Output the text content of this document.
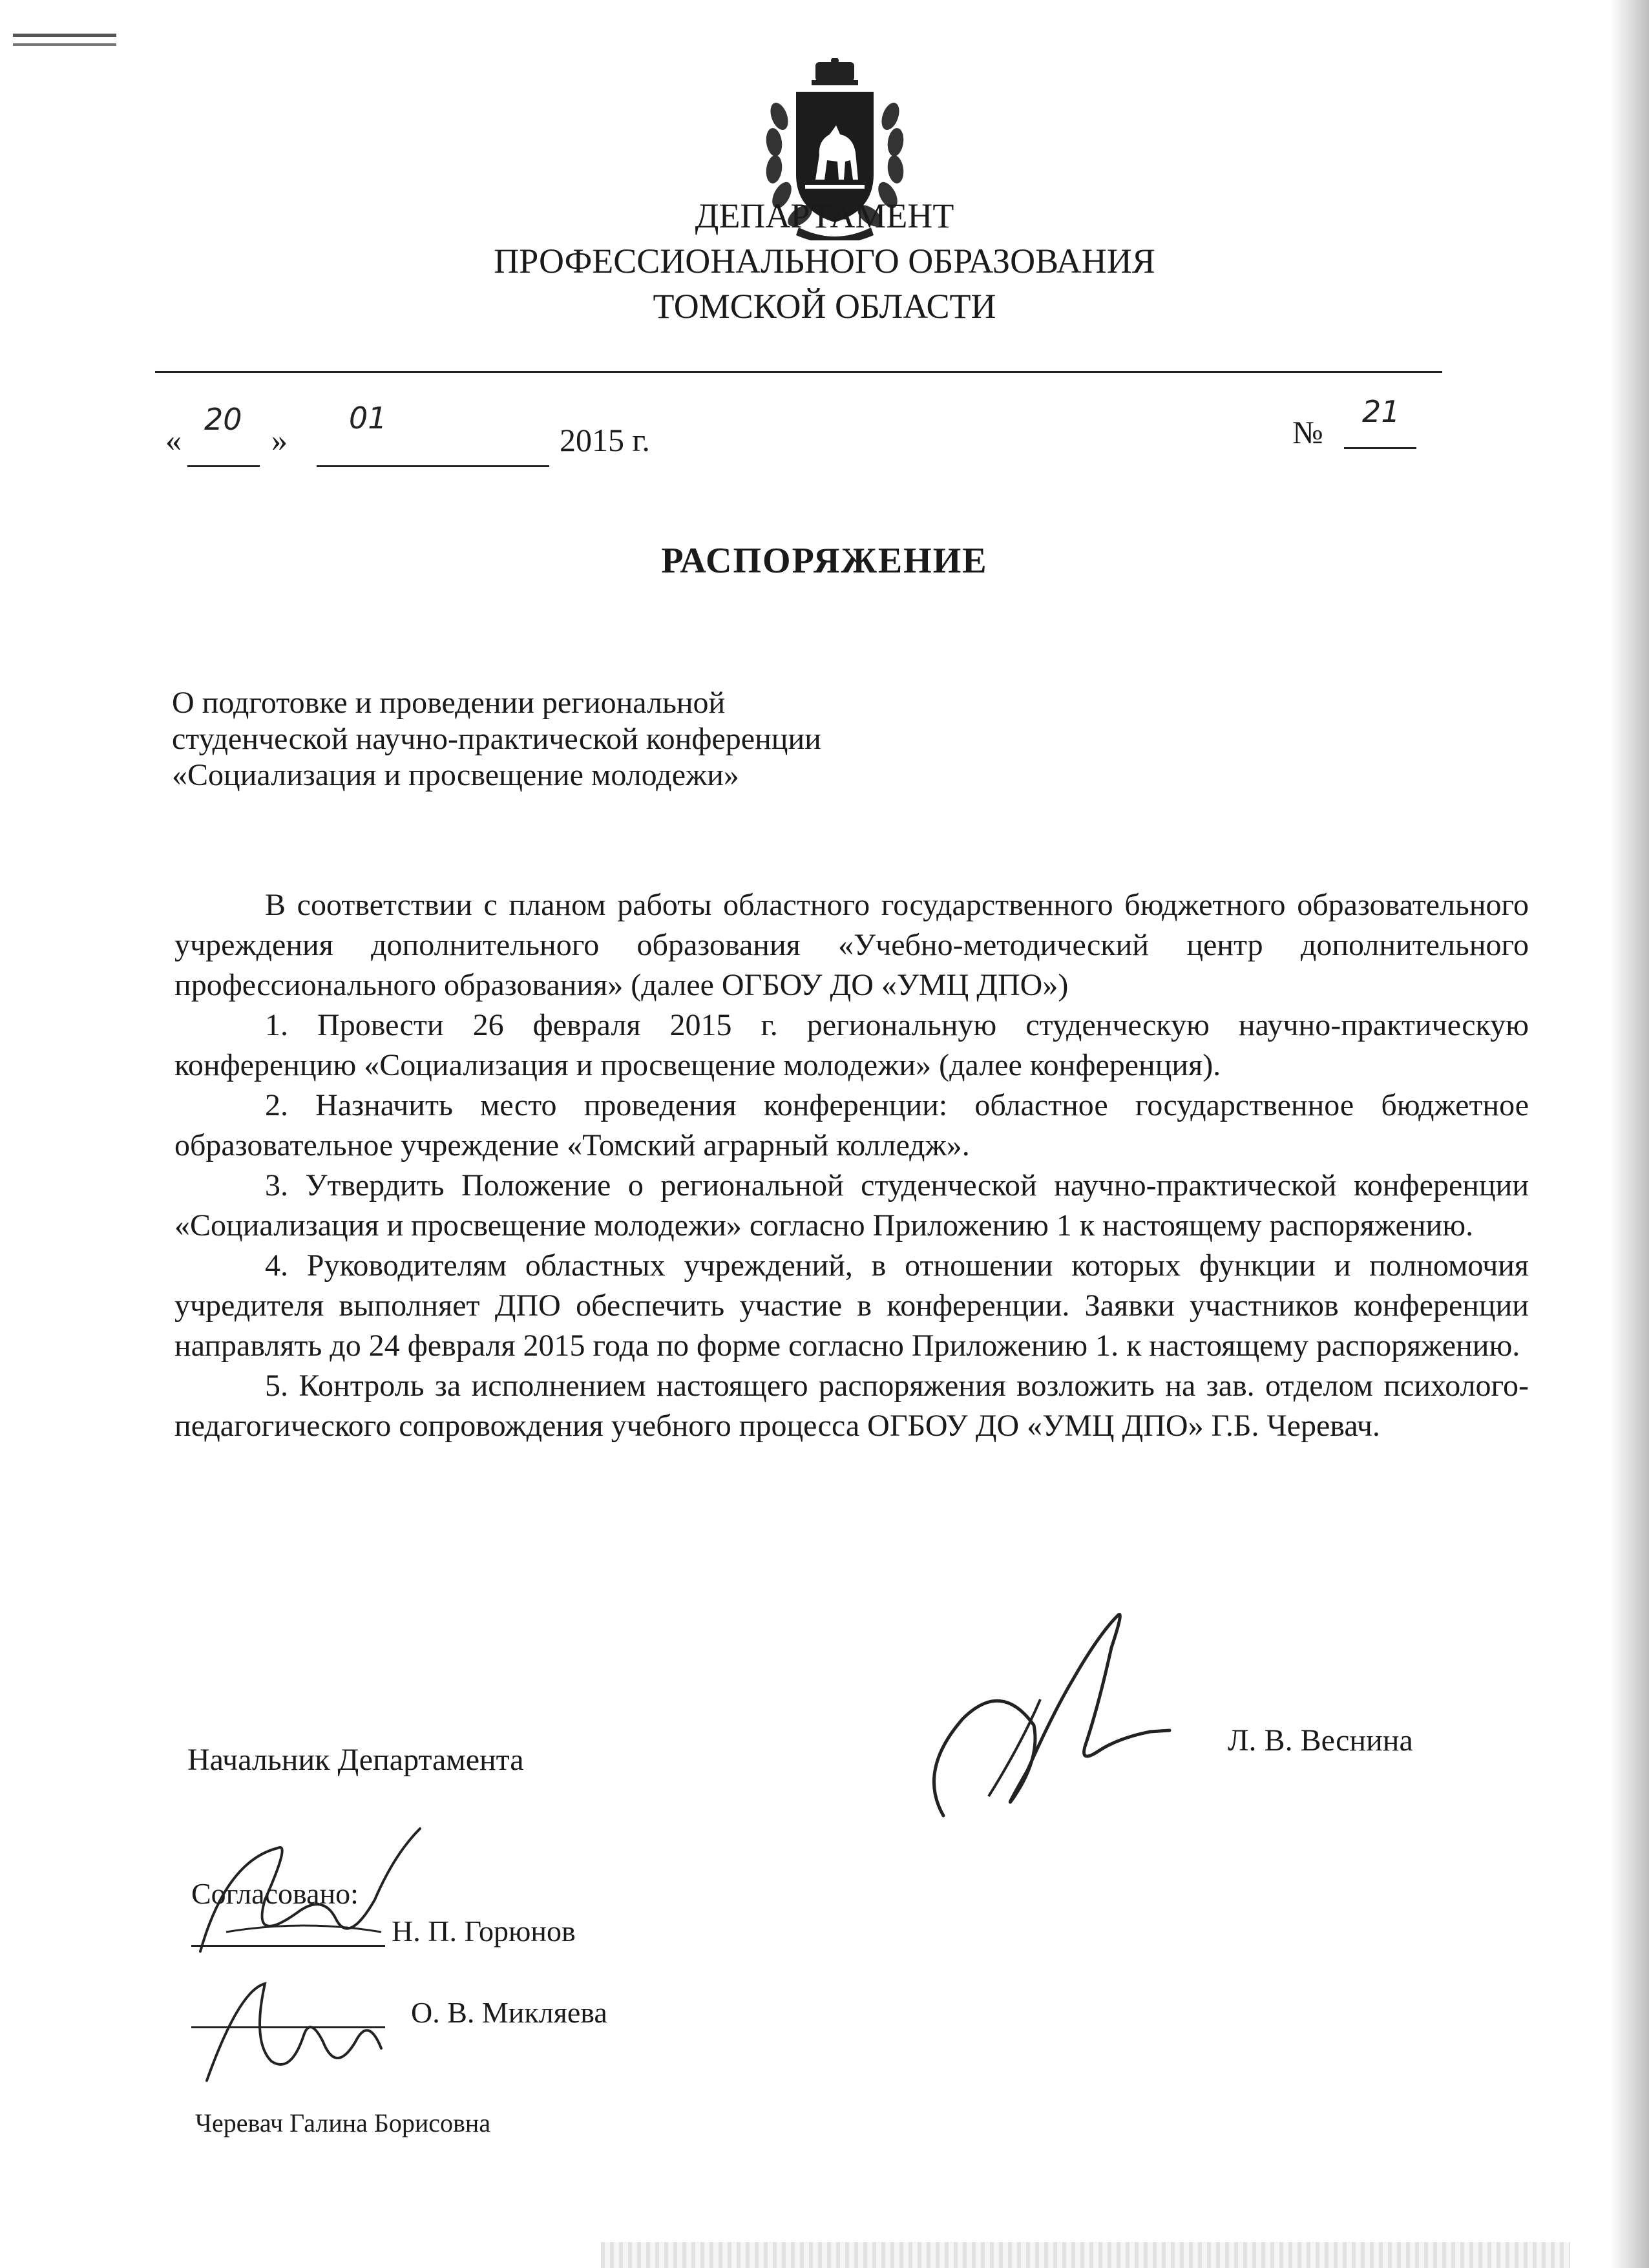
ДЕПАРТАМЕНТ
ПРОФЕССИОНАЛЬНОГО ОБРАЗОВАНИЯ
ТОМСКОЙ ОБЛАСТИ
«
20
»
01
2015 г.	№
21
РАСПОРЯЖЕНИЕ
О подготовке и проведении региональной
студенческой научно-практической конференции
«Социализация и просвещение молодежи»

В соответствии с планом работы областного государственного бюджетного образовательного учреждения дополнительного образования «Учебно-методический центр дополнительного профессионального образования» (далее ОГБОУ ДО «УМЦ ДПО»)

1. Провести 26 февраля 2015 г. региональную студенческую научно-практическую конференцию «Социализация и просвещение молодежи» (далее конференция).

2. Назначить место проведения конференции: областное государственное бюджетное образовательное учреждение «Томский аграрный колледж».

3. Утвердить Положение о региональной студенческой научно-практической конференции «Социализация и просвещение молодежи» согласно Приложению 1 к настоящему распоряжению.

4. Руководителям областных учреждений, в отношении которых функции и полномочия учредителя выполняет ДПО обеспечить участие в конференции. Заявки участников конференции направлять до 24 февраля 2015 года по форме согласно Приложению 1. к настоящему распоряжению.

5. Контроль за исполнением настоящего распоряжения возложить на зав. отделом психолого-педагогического сопровождения учебного процесса ОГБОУ ДО «УМЦ ДПО» Г.Б. Черевач.

Начальник Департамента
Л. В. Веснина
Согласовано:
Н. П. Горюнов
О. В. Микляева
Черевач Галина Борисовна
